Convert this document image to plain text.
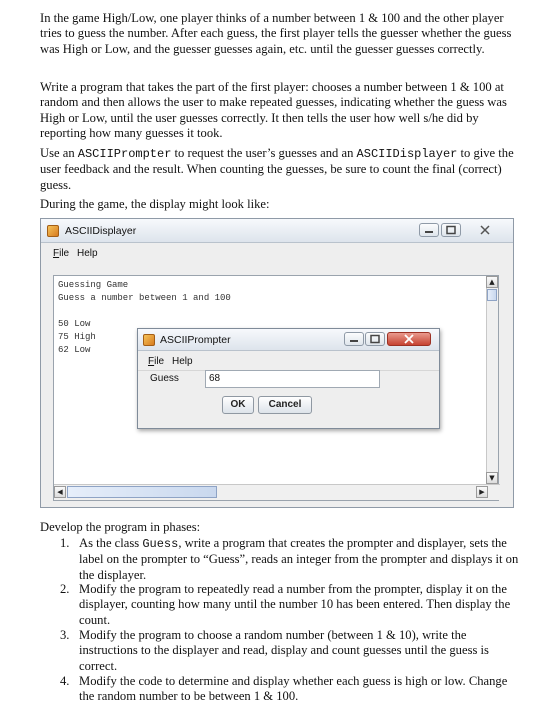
In the game High/Low, one player thinks of a number between 1 & 100 and the other player tries to guess the number. After each guess, the first player tells the guesser whether the guess was High or Low, and the guesser guesses again, etc. until the guesser guesses correctly.

Write a program that takes the part of the first player: chooses a number between 1 & 100 at random and then allows the user to make repeated guesses, indicating whether the guess was High or Low, until the user guesses correctly. It then tells the user how well s/he did by reporting how many guesses it took.

Use an ASCIIPrompter to request the user’s guesses and an ASCIIDisplayer to give the user feedback and the result. When counting the guesses, be sure to count the final (correct) guess.

During the game, the display might look like:

ASCIIDisplayer
File Help
Guessing Game
Guess a number between 1 and 100
50 Low
75 High
62 Low
▲
▼
◀	▶
ASCIIPrompter
File Help
Guess	68
OK	Cancel

Develop the program in phases:

1. As the class Guess, write a program that creates the prompter and displayer, sets the label on the prompter to “Guess”, reads an integer from the prompter and displays it on the displayer.
2. Modify the program to repeatedly read a number from the prompter, display it on the displayer, counting how many until the number 10 has been entered. Then display the count.
3. Modify the program to choose a random number (between 1 & 10), write the instructions to the displayer and read, display and count guesses until the guess is correct.
4. Modify the code to determine and display whether each guess is high or low. Change the random number to be between 1 & 100.
